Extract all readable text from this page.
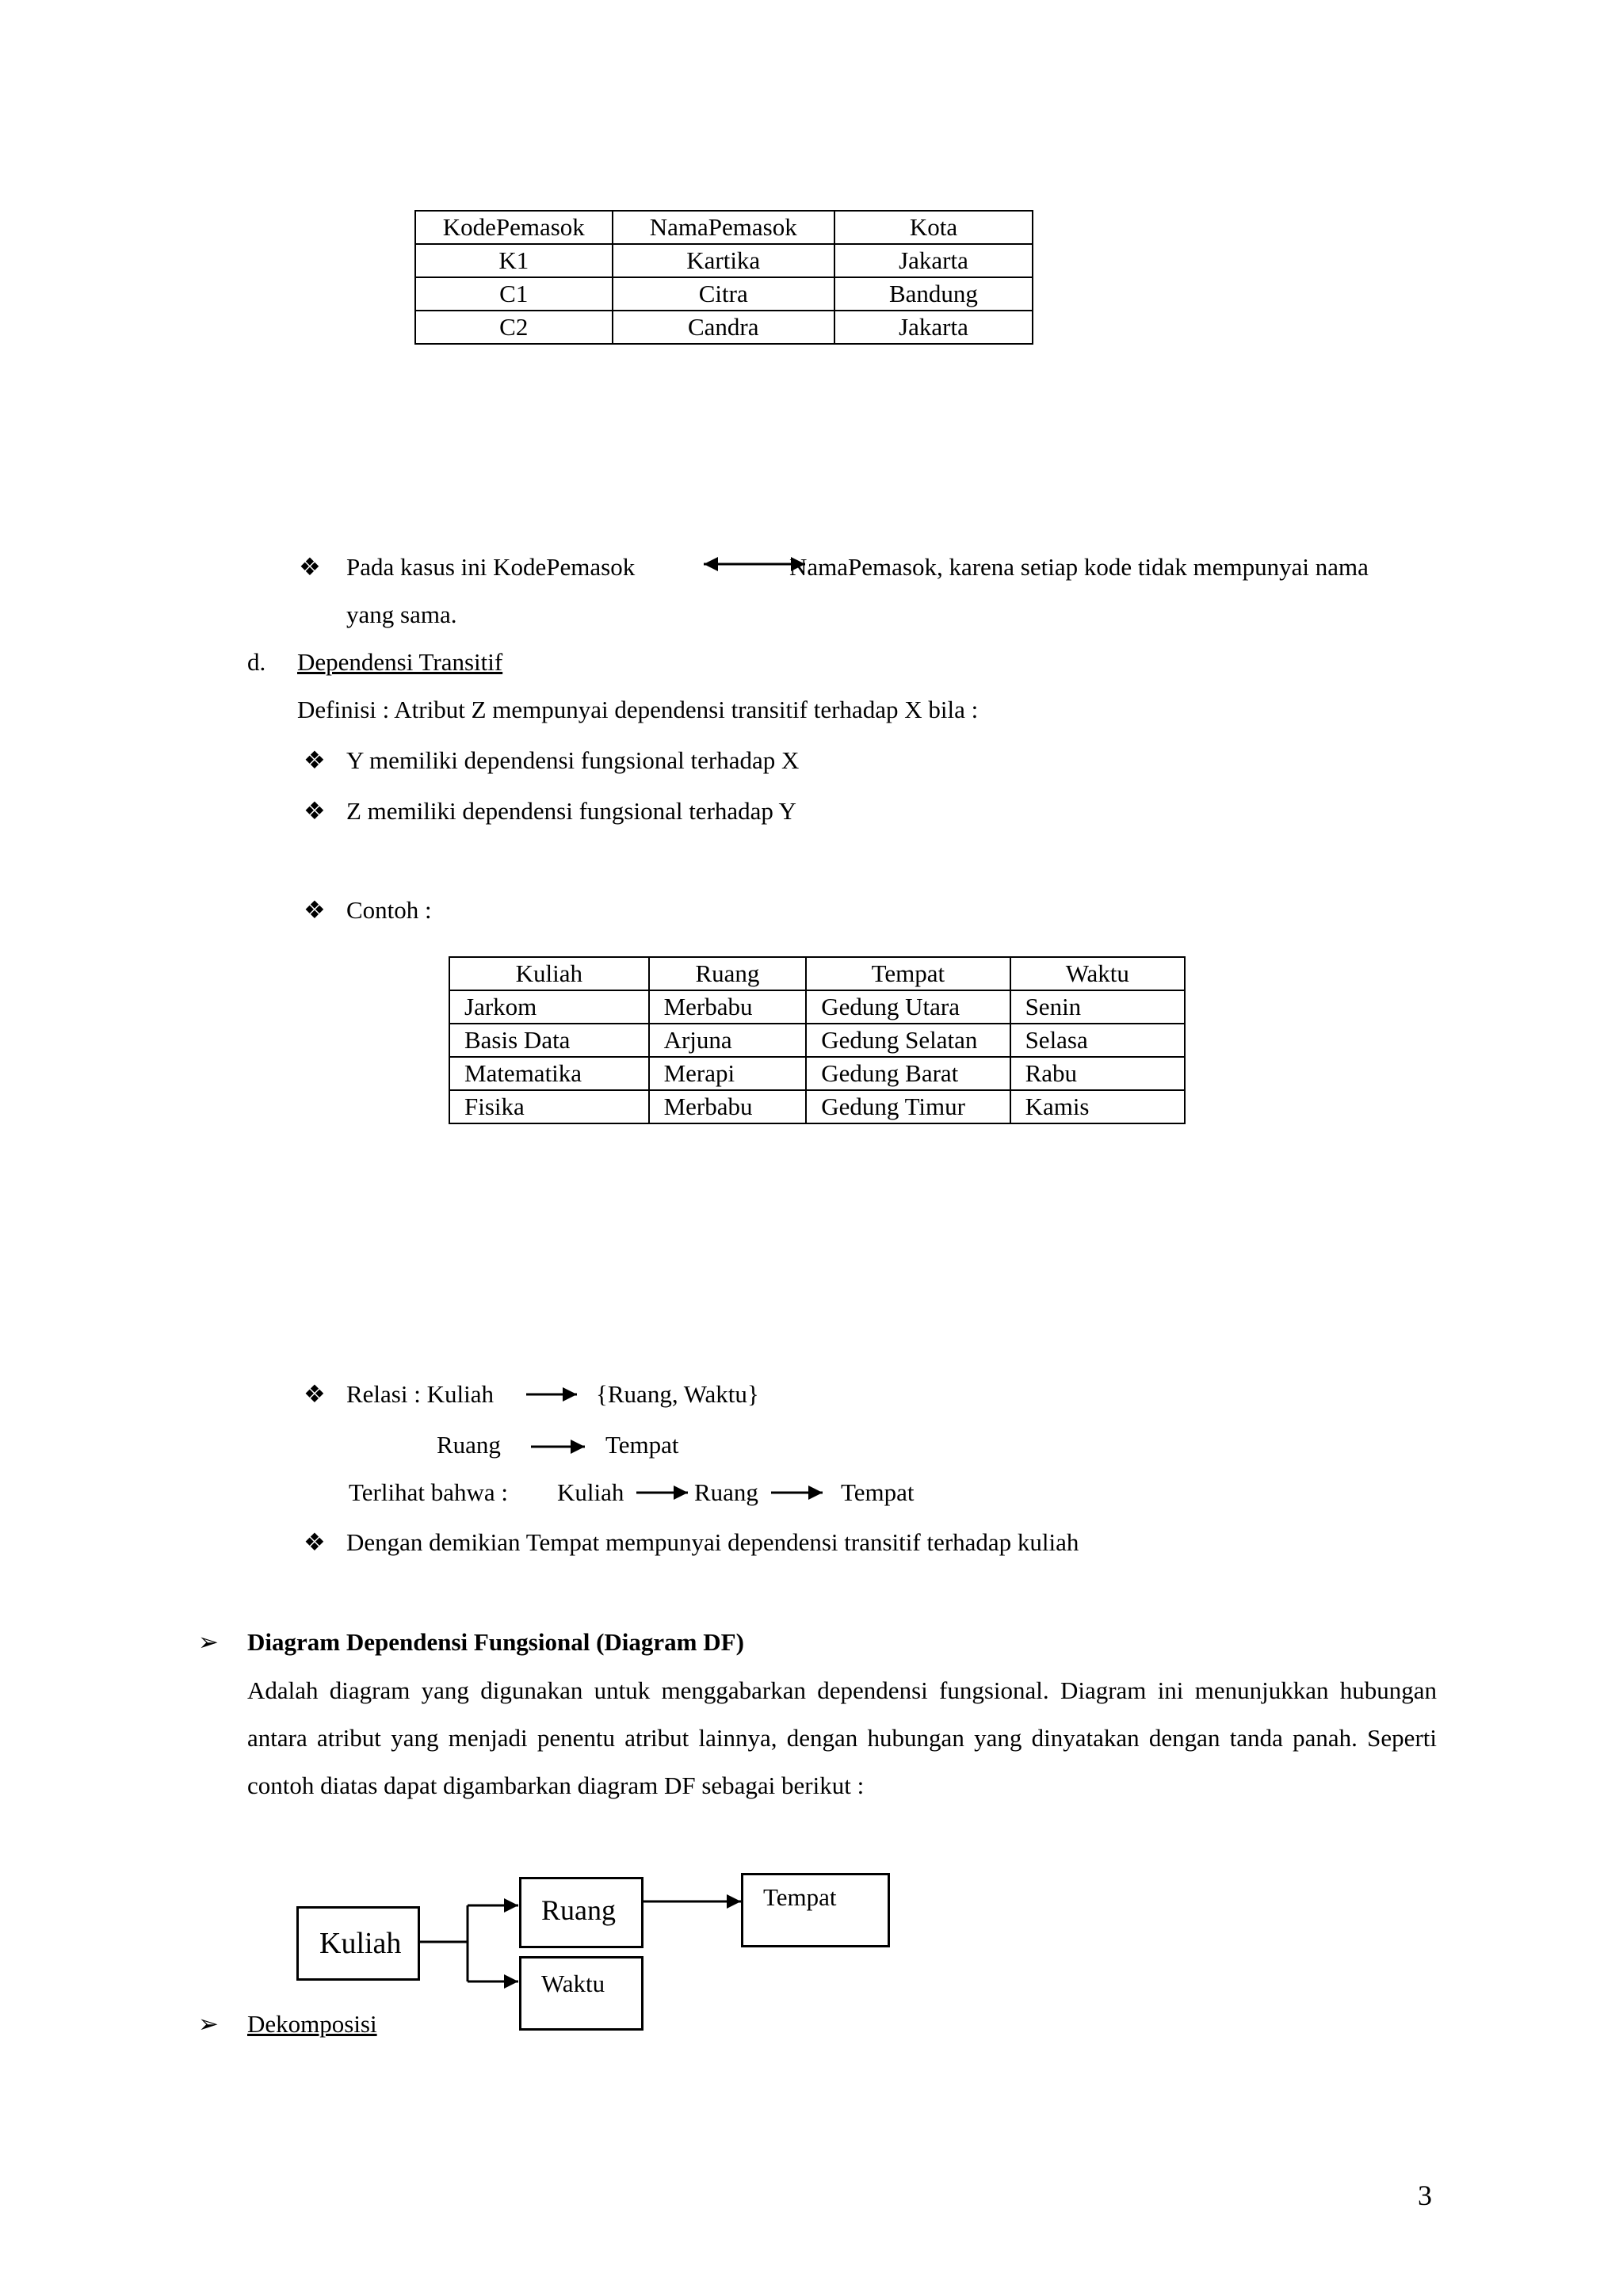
KodePemasok	NamaPemasok	Kota
K1	Kartika	Jakarta
C1	Citra	Bandung
C2	Candra	Jakarta
❖ Pada kasus ini KodePemasok	NamaPemasok, karena setiap kode tidak mempunyai nama
yang sama.
d. Dependensi Transitif
Definisi : Atribut Z mempunyai dependensi transitif terhadap X bila :
❖ Y memiliki dependensi fungsional terhadap X
❖ Z memiliki dependensi fungsional terhadap Y
❖ Contoh :
Kuliah	Ruang	Tempat	Waktu
Jarkom	Merbabu	Gedung Utara	Senin
Basis Data	Arjuna	Gedung Selatan	Selasa
Matematika	Merapi	Gedung Barat	Rabu
Fisika	Merbabu	Gedung Timur	Kamis
❖ Relasi : Kuliah	{Ruang, Waktu}
Ruang	Tempat
Terlihat bahwa : Kuliah	Ruang	Tempat
❖ Dengan demikian Tempat mempunyai dependensi transitif terhadap kuliah
➢ Diagram Dependensi Fungsional (Diagram DF)
Adalah diagram yang digunakan untuk menggabarkan dependensi fungsional. Diagram ini menunjukkan hubungan antara atribut yang menjadi penentu atribut lainnya, dengan hubungan yang dinyatakan dengan tanda panah. Seperti contoh diatas dapat digambarkan diagram DF sebagai berikut :
Kuliah
Ruang
Waktu
Tempat
➢ Dekomposisi
3
